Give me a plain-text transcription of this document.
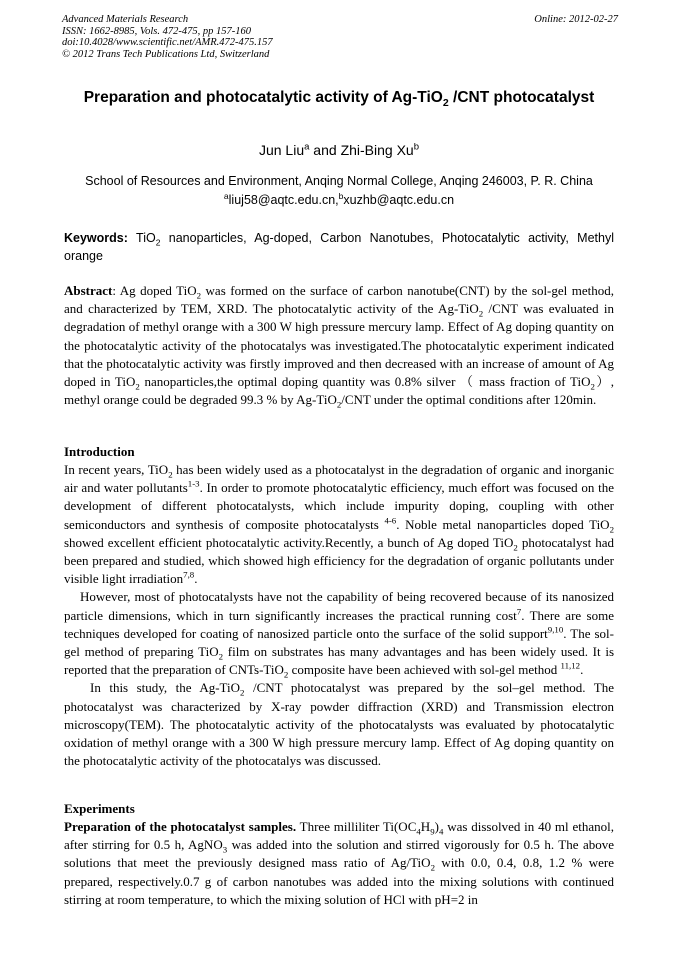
Advanced Materials Research
ISSN: 1662-8985, Vols. 472-475, pp 157-160
doi:10.4028/www.scientific.net/AMR.472-475.157
© 2012 Trans Tech Publications Ltd, Switzerland
Online: 2012-02-27
Preparation and photocatalytic activity of Ag-TiO$_2$ /CNT photocatalyst
Jun Liu$^a$ and Zhi-Bing Xu$^b$
School of Resources and Environment, Anqing Normal College, Anqing 246003, P. R. China
$^a$liuj58@aqtc.edu.cn,$^b$xuzhb@aqtc.edu.cn
Keywords: TiO$_2$ nanoparticles, Ag-doped, Carbon Nanotubes, Photocatalytic activity, Methyl orange
Abstract: Ag doped TiO$_2$ was formed on the surface of carbon nanotube(CNT) by the sol-gel method, and characterized by TEM, XRD. The photocatalytic activity of the Ag-TiO$_2$ /CNT was evaluated in degradation of methyl orange with a 300 W high pressure mercury lamp. Effect of Ag doping quantity on the photocatalytic activity of the photocatalys was investigated.The photocatalytic experiment indicated that the photocatalytic activity was firstly improved and then decreased with an increase of amount of Ag doped in TiO$_2$ nanoparticles,the optimal doping quantity was 0.8% silver （ mass fraction of TiO$_2$）, methyl orange could be degraded 99.3 % by Ag-TiO$_2$/CNT under the optimal conditions after 120min.
Introduction

In recent years, TiO$_2$ has been widely used as a photocatalyst in the degradation of organic and inorganic air and water pollutants$^{1-3}$. In order to promote photocatalytic efficiency, much effort was focused on the development of different photocatalysts, which include impurity doping, coupling with other semiconductors and synthesis of composite photocatalysts $^{4-6}$. Noble metal nanoparticles doped TiO$_2$ showed excellent efficient photocatalytic activity.Recently, a bunch of Ag doped TiO$_2$ photocatalyst had been prepared and studied, which showed high efficiency for the degradation of organic pollutants under visible light irradiation$^{7,8}$.

However, most of photocatalysts have not the capability of being recovered because of its nanosized particle dimensions, which in turn significantly increases the practical running cost$^7$. There are some techniques developed for coating of nanosized particle onto the surface of the solid support$^{9,10}$. The sol-gel method of preparing TiO$_2$ film on substrates has many advantages and has been widely used. It is reported that the preparation of CNTs-TiO$_2$ composite have been achieved with sol-gel method $^{11,12}$.

In this study, the Ag-TiO$_2$ /CNT photocatalyst was prepared by the sol–gel method. The photocatalyst was characterized by X-ray powder diffraction (XRD) and Transmission electron microscopy(TEM). The photocatalytic activity of the photocatalysts was evaluated by photocatalytic oxidation of methyl orange with a 300 W high pressure mercury lamp. Effect of Ag doping quantity on the photocatalytic activity of the photocatalys was discussed.

Experiments
Preparation of the photocatalyst samples. Three milliliter $Ti(OC_4H_9)_4$ was dissolved in 40 ml ethanol, after stirring for 0.5 h, AgNO$_3$ was added into the solution and stirred vigorously for 0.5 h. The above solutions that meet the previously designed mass ratio of Ag/TiO$_2$ with 0.0, 0.4, 0.8, 1.2 % were prepared, respectively.0.7 g of carbon nanotubes was added into the mixing solutions with continued stirring at room temperature, to which the mixing solution of HCl with pH=2 in
